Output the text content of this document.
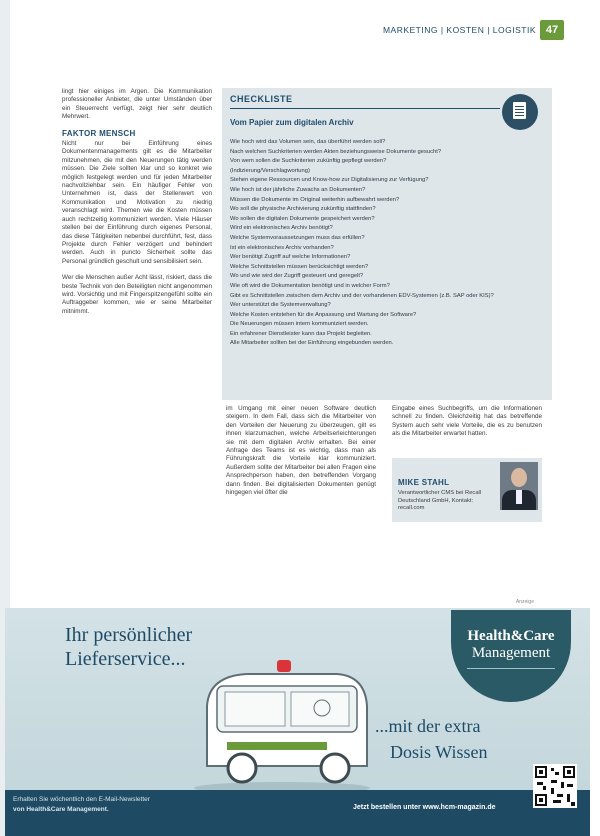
MARKETING | KOSTEN | LOGISTIK 47

lingt hier einiges im Argen. Die Kommunikation professioneller Anbieter, die unter Umständen über ein Steuerrecht verfügt, zeigt hier sehr deutlich Mehrwert.

FAKTOR MENSCH

Nicht nur bei Einführung eines Dokumentenmanagements gilt es die Mitarbeiter mitzunehmen, die mit den Neuerungen tätig werden müssen. Die Ziele sollten klar und so konkret wie möglich festgelegt werden und für jeden Mitarbeiter nachvollziehbar sein. Ein häufiger Fehler von Unternehmen ist, dass der Stellenwert von Kommunikation und Motivation zu niedrig veranschlagt wird. Themen wie die Kosten müssen auch rechtzeitig kommuniziert werden. Viele Häuser stellen bei der Einführung durch eigenes Personal, das diese Tätigkeiten nebenbei durchführt, fest, dass Projekte durch Fehler verzögert und behindert werden. Auch in puncto Sicherheit sollte das Personal gründlich geschult und sensibilisiert sein.

Wer die Menschen außer Acht lässt, riskiert, dass die beste Technik von den Beteiligten nicht angenommen wird. Vorsichtig und mit Fingerspitzengefühl sollte ein Auftraggeber kommen, wie er seine Mitarbeiter mitnimmt.

CHECKLISTE
Vom Papier zum digitalen Archiv
Wie hoch wird das Volumen sein, das überführt werden soll?
Nach welchen Suchkriterien werden Akten beziehungsweise Dokumente gesucht?
Von wem sollen die Suchkriterien zukünftig gepflegt werden?
(Indizierung/Verschlagwortung)
Stehen eigene Ressourcen und Know-how zur Digitalisierung zur Verfügung?
Wie hoch ist der jährliche Zuwachs an Dokumenten?
Müssen die Dokumente im Original weiterhin aufbewahrt werden?
Wo soll die physische Archivierung zukünftig stattfinden?
Wo sollen die digitalen Dokumente gespeichert werden?
Wird ein elektronisches Archiv benötigt?
Welche Systemvoraussetzungen muss das erfüllen?
Ist ein elektronisches Archiv vorhanden?
Wer benötigt Zugriff auf welche Informationen?
Welche Schnittstellen müssen berücksichtigt werden?
Wo und wie wird der Zugriff gesteuert und geregelt?
Wie oft wird die Dokumentation benötigt und in welcher Form?
Gibt es Schnittstellen zwischen dem Archiv und der vorhandenen EDV-Systemen (z.B. SAP oder KIS)?
Wer unterstützt die Systemverwaltung?
Welche Kosten entstehen für die Anpassung und Wartung der Software?
Die Neuerungen müssen intern kommuniziert werden.
Ein erfahrener Dienstleister kann das Projekt begleiten.
Alle Mitarbeiter sollten bei der Einführung eingebunden werden.
im Umgang mit einer neuen Software deutlich steigern. In dem Fall, dass sich die Mitarbeiter von den Vorteilen der Neuerung zu überzeugen, gilt es ihnen klarzumachen, welche Arbeitserleichterungen sie mit dem digitalen Archiv erhalten. Bei einer Anfrage des Teams ist es wichtig, dass man als Führungskraft die Vorteile klar kommuniziert. Außerdem sollte der Mitarbeiter bei allen Fragen eine Ansprechperson haben, den betreffenden Vorgang dann finden. Bei digitalisierten Dokumenten genügt hingegen viel öfter die
Eingabe eines Suchbegriffs, um die Informationen schnell zu finden. Gleichzeitig hat das betreffende System auch sehr viele Vorteile, die es zu benutzen als die Mitarbeiter erwartet hatten.
MIKE STAHL
Verantwortlicher CMS bei Recall Deutschland GmbH, Kontakt: recall.com
Anzeige
Ihr persönlicher
Lieferservice...
Health&Care
Management
...mit der extra
Dosis Wissen
Erhalten Sie wöchentlich den E-Mail-Newsletter
von Health&Care Management.	Jetzt bestellen unter www.hcm-magazin.de
